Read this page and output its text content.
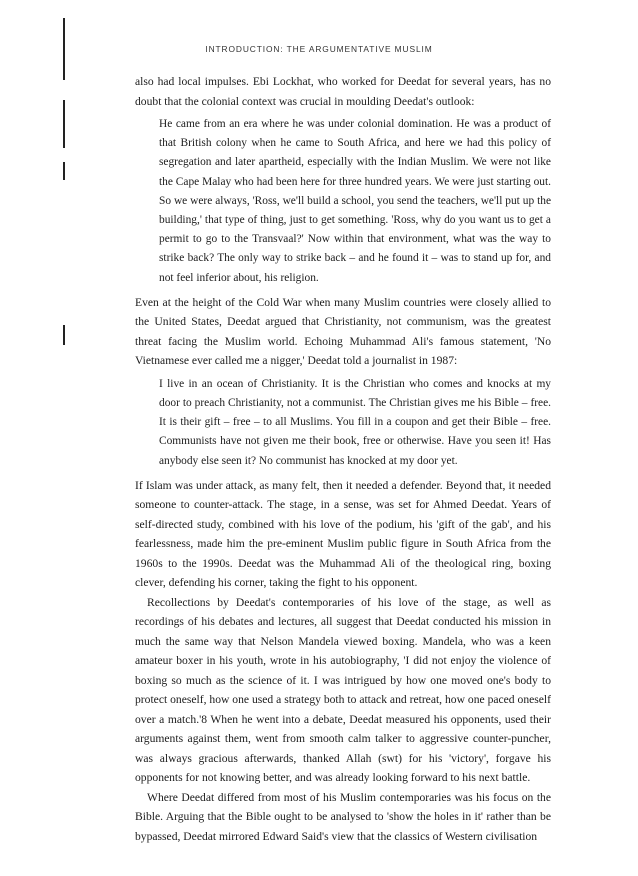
INTRODUCTION: THE ARGUMENTATIVE MUSLIM

also had local impulses. Ebi Lockhat, who worked for Deedat for several years, has no doubt that the colonial context was crucial in moulding Deedat's outlook:

He came from an era where he was under colonial domination. He was a product of that British colony when he came to South Africa, and here we had this policy of segregation and later apartheid, especially with the Indian Muslim. We were not like the Cape Malay who had been here for three hundred years. We were just starting out. So we were always, 'Ross, we'll build a school, you send the teachers, we'll put up the building,' that type of thing, just to get something. 'Ross, why do you want us to get a permit to go to the Transvaal?' Now within that environment, what was the way to strike back? The only way to strike back – and he found it – was to stand up for, and not feel inferior about, his religion.

Even at the height of the Cold War when many Muslim countries were closely allied to the United States, Deedat argued that Christianity, not communism, was the greatest threat facing the Muslim world. Echoing Muhammad Ali's famous statement, 'No Vietnamese ever called me a nigger,' Deedat told a journalist in 1987:

I live in an ocean of Christianity. It is the Christian who comes and knocks at my door to preach Christianity, not a communist. The Christian gives me his Bible – free. It is their gift – free – to all Muslims. You fill in a coupon and get their Bible – free. Communists have not given me their book, free or otherwise. Have you seen it! Has anybody else seen it? No communist has knocked at my door yet.

If Islam was under attack, as many felt, then it needed a defender. Beyond that, it needed someone to counter-attack. The stage, in a sense, was set for Ahmed Deedat. Years of self-directed study, combined with his love of the podium, his 'gift of the gab', and his fearlessness, made him the pre-eminent Muslim public figure in South Africa from the 1960s to the 1990s. Deedat was the Muhammad Ali of the theological ring, boxing clever, defending his corner, taking the fight to his opponent.

Recollections by Deedat's contemporaries of his love of the stage, as well as recordings of his debates and lectures, all suggest that Deedat conducted his mission in much the same way that Nelson Mandela viewed boxing. Mandela, who was a keen amateur boxer in his youth, wrote in his autobiography, 'I did not enjoy the violence of boxing so much as the science of it. I was intrigued by how one moved one's body to protect oneself, how one used a strategy both to attack and retreat, how one paced oneself over a match.'8 When he went into a debate, Deedat measured his opponents, used their arguments against them, went from smooth calm talker to aggressive counter-puncher, was always gracious afterwards, thanked Allah (swt) for his 'victory', forgave his opponents for not knowing better, and was already looking forward to his next battle.

Where Deedat differed from most of his Muslim contemporaries was his focus on the Bible. Arguing that the Bible ought to be analysed to 'show the holes in it' rather than be bypassed, Deedat mirrored Edward Said's view that the classics of Western civilisation
